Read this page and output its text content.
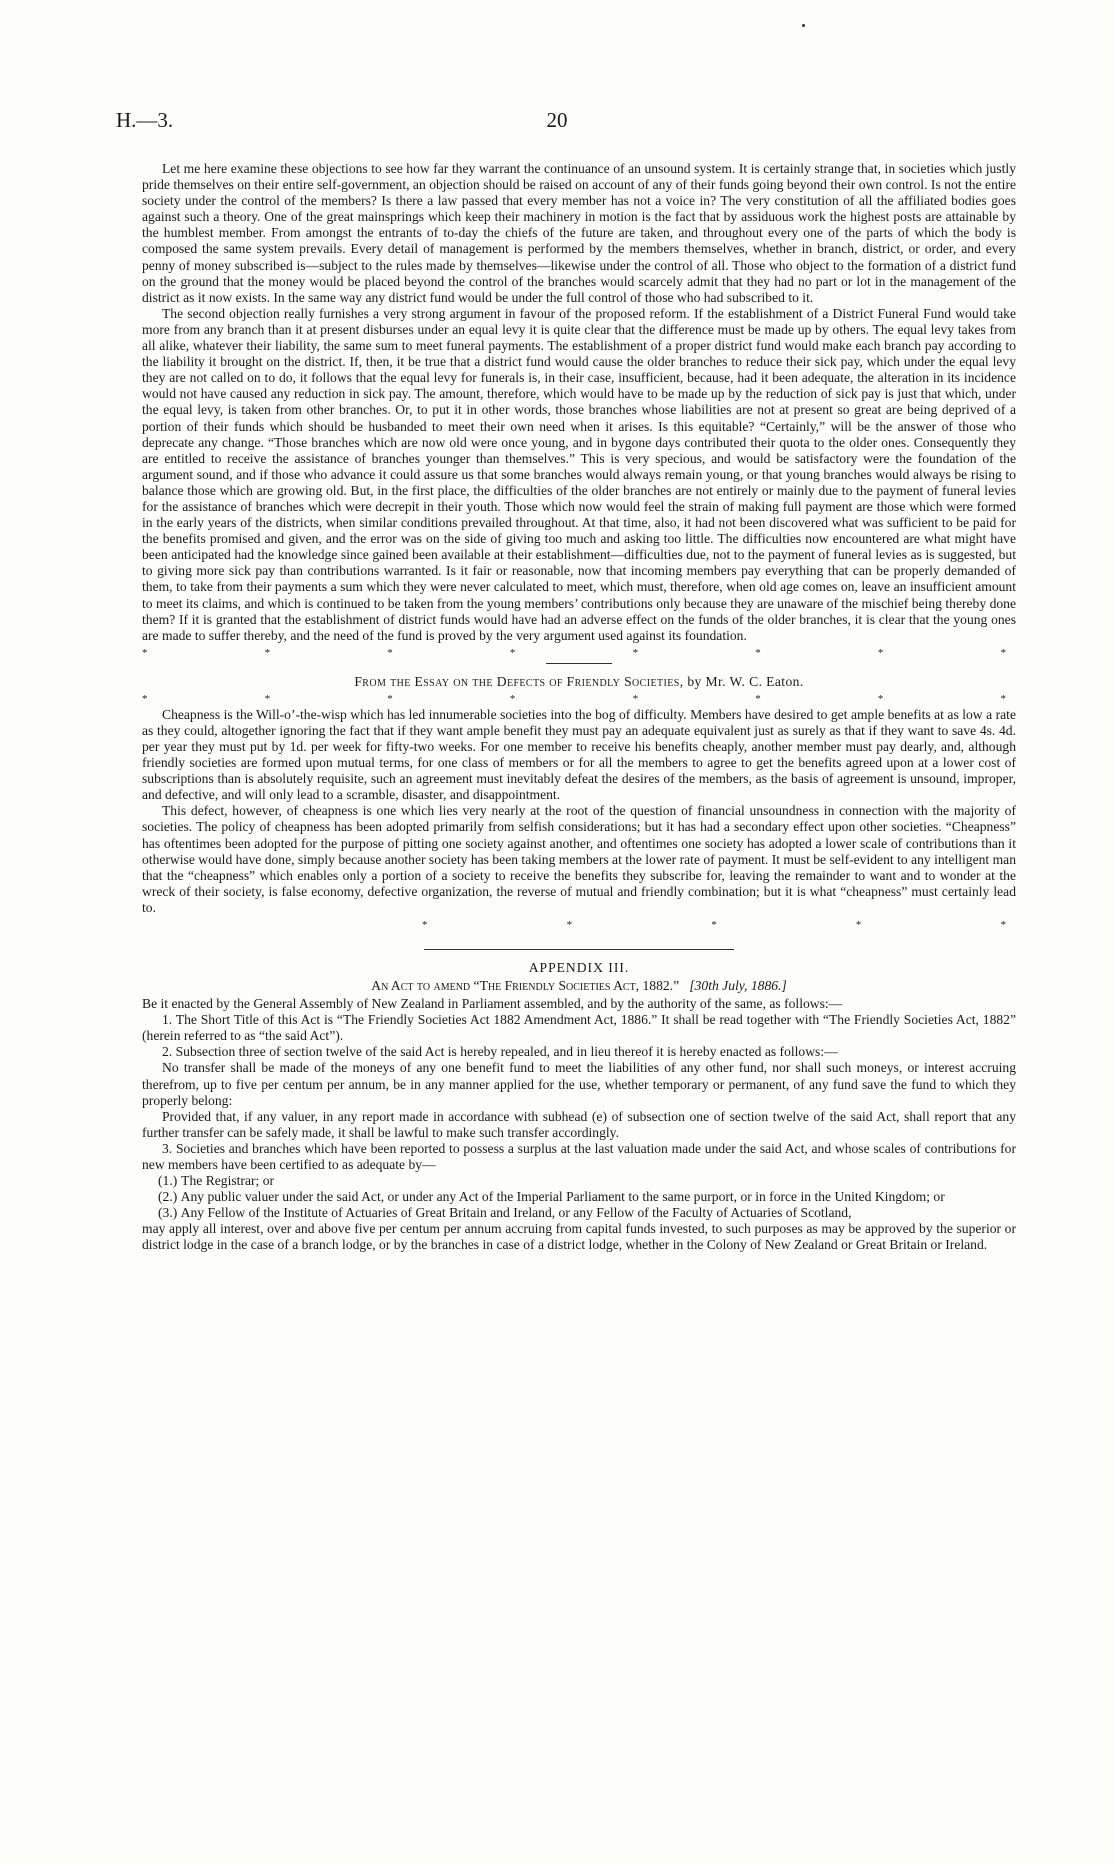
H.—3.	20

Let me here examine these objections to see how far they warrant the continuance of an unsound system. It is certainly strange that, in societies which justly pride themselves on their entire self-government, an objection should be raised on account of any of their funds going beyond their own control. Is not the entire society under the control of the members? Is there a law passed that every member has not a voice in? The very constitution of all the affiliated bodies goes against such a theory. One of the great mainsprings which keep their machinery in motion is the fact that by assiduous work the highest posts are attainable by the humblest member. From amongst the entrants of to-day the chiefs of the future are taken, and throughout every one of the parts of which the body is composed the same system prevails. Every detail of management is performed by the members themselves, whether in branch, district, or order, and every penny of money subscribed is—subject to the rules made by themselves—likewise under the control of all. Those who object to the formation of a district fund on the ground that the money would be placed beyond the control of the branches would scarcely admit that they had no part or lot in the management of the district as it now exists. In the same way any district fund would be under the full control of those who had subscribed to it.

The second objection really furnishes a very strong argument in favour of the proposed reform. If the establishment of a District Funeral Fund would take more from any branch than it at present disburses under an equal levy it is quite clear that the difference must be made up by others. The equal levy takes from all alike, whatever their liability, the same sum to meet funeral payments. The establishment of a proper district fund would make each branch pay according to the liability it brought on the district. If, then, it be true that a district fund would cause the older branches to reduce their sick pay, which under the equal levy they are not called on to do, it follows that the equal levy for funerals is, in their case, insufficient, because, had it been adequate, the alteration in its incidence would not have caused any reduction in sick pay. The amount, therefore, which would have to be made up by the reduction of sick pay is just that which, under the equal levy, is taken from other branches. Or, to put it in other words, those branches whose liabilities are not at present so great are being deprived of a portion of their funds which should be husbanded to meet their own need when it arises. Is this equitable? “Certainly,” will be the answer of those who deprecate any change. “Those branches which are now old were once young, and in bygone days contributed their quota to the older ones. Consequently they are entitled to receive the assistance of branches younger than themselves.” This is very specious, and would be satisfactory were the foundation of the argument sound, and if those who advance it could assure us that some branches would always remain young, or that young branches would always be rising to balance those which are growing old. But, in the first place, the difficulties of the older branches are not entirely or mainly due to the payment of funeral levies for the assistance of branches which were decrepit in their youth. Those which now would feel the strain of making full payment are those which were formed in the early years of the districts, when similar conditions prevailed throughout. At that time, also, it had not been discovered what was sufficient to be paid for the benefits promised and given, and the error was on the side of giving too much and asking too little. The difficulties now encountered are what might have been anticipated had the knowledge since gained been available at their establishment—difficulties due, not to the payment of funeral levies as is suggested, but to giving more sick pay than contributions warranted. Is it fair or reasonable, now that incoming members pay everything that can be properly demanded of them, to take from their payments a sum which they were never calculated to meet, which must, therefore, when old age comes on, leave an insufficient amount to meet its claims, and which is continued to be taken from the young members’ contributions only because they are unaware of the mischief being thereby done them? If it is granted that the establishment of district funds would have had an adverse effect on the funds of the older branches, it is clear that the young ones are made to suffer thereby, and the need of the fund is proved by the very argument used against its foundation.

*	*	*	*	*	*	*	*
From the Essay on the Defects of Friendly Societies, by Mr. W. C. Eaton.
*	*	*	*	*	*	*	*

Cheapness is the Will-o’-the-wisp which has led innumerable societies into the bog of difficulty. Members have desired to get ample benefits at as low a rate as they could, altogether ignoring the fact that if they want ample benefit they must pay an adequate equivalent just as surely as that if they want to save 4s. 4d. per year they must put by 1d. per week for fifty-two weeks. For one member to receive his benefits cheaply, another member must pay dearly, and, although friendly societies are formed upon mutual terms, for one class of members or for all the members to agree to get the benefits agreed upon at a lower cost of subscriptions than is absolutely requisite, such an agreement must inevitably defeat the desires of the members, as the basis of agreement is unsound, improper, and defective, and will only lead to a scramble, disaster, and disappointment.

This defect, however, of cheapness is one which lies very nearly at the root of the question of financial unsoundness in connection with the majority of societies. The policy of cheapness has been adopted primarily from selfish considerations; but it has had a secondary effect upon other societies. “Cheapness” has oftentimes been adopted for the purpose of pitting one society against another, and oftentimes one society has adopted a lower scale of contributions than it otherwise would have done, simply because another society has been taking members at the lower rate of payment. It must be self-evident to any intelligent man that the “cheapness” which enables only a portion of a society to receive the benefits they subscribe for, leaving the remainder to want and to wonder at the wreck of their society, is false economy, defective organization, the reverse of mutual and friendly combination; but it is what “cheapness” must certainly lead to.

*	*	*	*	*
APPENDIX III.
An Act to amend “The Friendly Societies Act, 1882.” [30th July, 1886.]

Be it enacted by the General Assembly of New Zealand in Parliament assembled, and by the authority of the same, as follows:—

1. The Short Title of this Act is “The Friendly Societies Act 1882 Amendment Act, 1886.” It shall be read together with “The Friendly Societies Act, 1882” (herein referred to as “the said Act”).

2. Subsection three of section twelve of the said Act is hereby repealed, and in lieu thereof it is hereby enacted as follows:—

No transfer shall be made of the moneys of any one benefit fund to meet the liabilities of any other fund, nor shall such moneys, or interest accruing therefrom, up to five per centum per annum, be in any manner applied for the use, whether temporary or permanent, of any fund save the fund to which they properly belong:

Provided that, if any valuer, in any report made in accordance with subhead (e) of subsection one of section twelve of the said Act, shall report that any further transfer can be safely made, it shall be lawful to make such transfer accordingly.

3. Societies and branches which have been reported to possess a surplus at the last valuation made under the said Act, and whose scales of contributions for new members have been certified to as adequate by—

(1.) The Registrar; or
(2.) Any public valuer under the said Act, or under any Act of the Imperial Parliament to the same purport, or in force in the United Kingdom; or
(3.) Any Fellow of the Institute of Actuaries of Great Britain and Ireland, or any Fellow of the Faculty of Actuaries of Scotland,

may apply all interest, over and above five per centum per annum accruing from capital funds invested, to such purposes as may be approved by the superior or district lodge in the case of a branch lodge, or by the branches in case of a district lodge, whether in the Colony of New Zealand or Great Britain or Ireland.
